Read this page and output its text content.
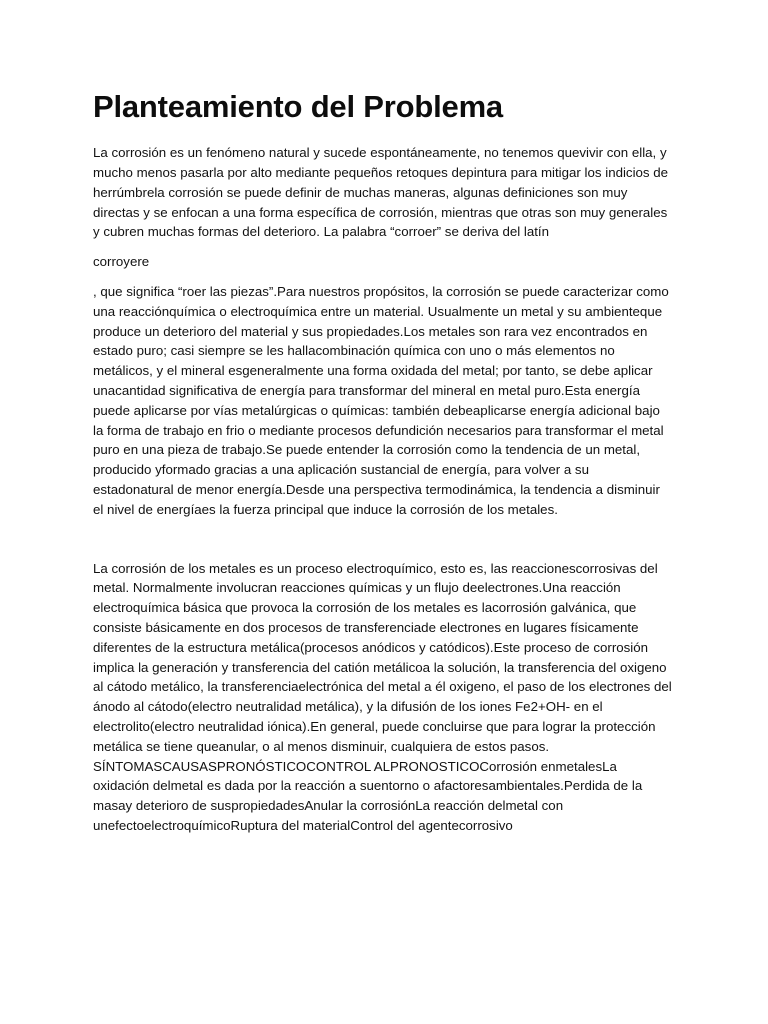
Planteamiento del Problema

La corrosión es un fenómeno natural y sucede espontáneamente, no tenemos quevivir con ella, y mucho menos pasarla por alto mediante pequeños retoques depintura para mitigar los indicios de herrúmbrela corrosión se puede definir de muchas maneras, algunas definiciones son muy directas y se enfocan a una forma específica de corrosión, mientras que otras son muy generales y cubren muchas formas del deterioro. La palabra “corroer” se deriva del latín

corroyere

, que significa “roer las piezas”.Para nuestros propósitos, la corrosión se puede caracterizar como una reacciónquímica o electroquímica entre un material. Usualmente un metal y su ambienteque produce un deterioro del material y sus propiedades.Los metales son rara vez encontrados en estado puro; casi siempre se les hallacombinación química con uno o más elementos no metálicos, y el mineral esgeneralmente una forma oxidada del metal; por tanto, se debe aplicar unacantidad significativa de energía para transformar del mineral en metal puro.Esta energía puede aplicarse por vías metalúrgicas o químicas: también debeaplicarse energía adicional bajo la forma de trabajo en frio o mediante procesos defundición necesarios para transformar el metal puro en una pieza de trabajo.Se puede entender la corrosión como la tendencia de un metal, producido yformado gracias a una aplicación sustancial de energía, para volver a su estadonatural de menor energía.Desde una perspectiva termodinámica, la tendencia a disminuir el nivel de energíaes la fuerza principal que induce la corrosión de los metales.

La corrosión de los metales es un proceso electroquímico, esto es, las reaccionescorrosivas del metal. Normalmente involucran reacciones químicas y un flujo deelectrones.Una reacción electroquímica básica que provoca la corrosión de los metales es lacorrosión galvánica, que consiste básicamente en dos procesos de transferenciade electrones en lugares físicamente diferentes de la estructura metálica(procesos anódicos y catódicos).Este proceso de corrosión implica la generación y transferencia del catión metálicoa la solución, la transferencia del oxigeno al cátodo metálico, la transferenciaelectrónica del metal a él oxigeno, el paso de los electrones del ánodo al cátodo(electro neutralidad metálica), y la difusión de los iones Fe2+OH- en el electrolito(electro neutralidad iónica).En general, puede concluirse que para lograr la protección metálica se tiene queanular, o al menos disminuir, cualquiera de estos pasos. SÍNTOMASCAUSASPRONÓSTICOCONTROL ALPRONOSTICOCorrosión enmetalesLa oxidación delmetal es dada por la reacción a suentorno o afactoresambientales.Perdida de la masay deterioro de suspropiedadesAnular la corrosiónLa reacción delmetal con unefectoelectroquímicoRuptura del materialControl del agentecorrosivo
